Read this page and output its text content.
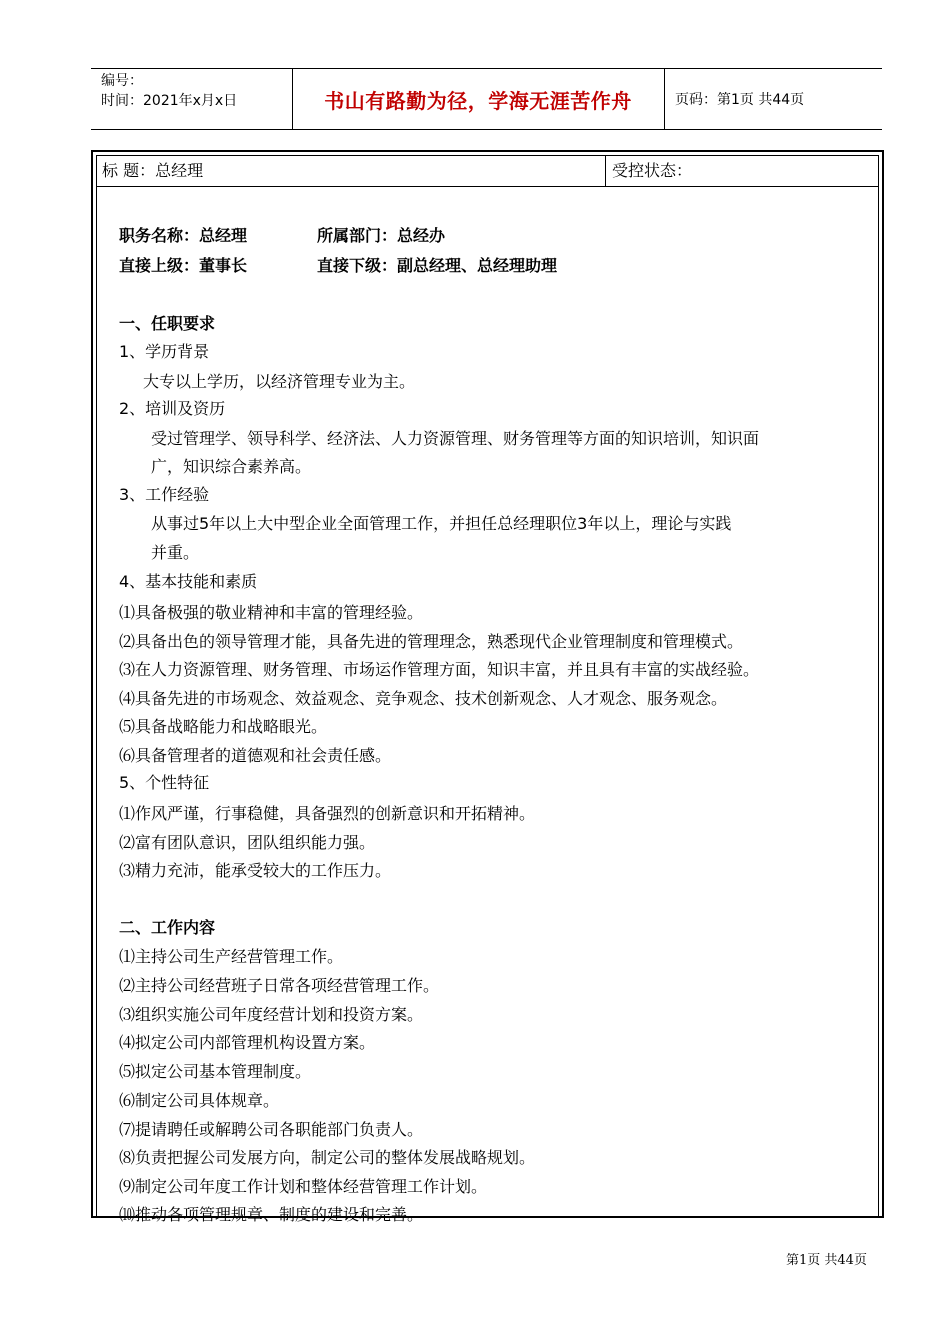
编号：
时间：2021年x月x日	书山有路勤为径，学海无涯苦作舟	页码：第1页 共44页
标 题：总经理	受控状态：
职务名称：总经理	所属部门：总经办
直接上级：董事长	直接下级：副总经理、总经理助理
一、任职要求
1、学历背景
大专以上学历，以经济管理专业为主。
2、培训及资历
受过管理学、领导科学、经济法、人力资源管理、财务管理等方面的知识培训，知识面
广，知识综合素养高。
3、工作经验
从事过5年以上大中型企业全面管理工作，并担任总经理职位3年以上，理论与实践
并重。
4、基本技能和素质
⑴具备极强的敬业精神和丰富的管理经验。
⑵具备出色的领导管理才能，具备先进的管理理念，熟悉现代企业管理制度和管理模式。
⑶在人力资源管理、财务管理、市场运作管理方面，知识丰富，并且具有丰富的实战经验。
⑷具备先进的市场观念、效益观念、竞争观念、技术创新观念、人才观念、服务观念。
⑸具备战略能力和战略眼光。
⑹具备管理者的道德观和社会责任感。
5、个性特征
⑴作风严谨，行事稳健，具备强烈的创新意识和开拓精神。
⑵富有团队意识，团队组织能力强。
⑶精力充沛，能承受较大的工作压力。
二、工作内容
⑴主持公司生产经营管理工作。
⑵主持公司经营班子日常各项经营管理工作。
⑶组织实施公司年度经营计划和投资方案。
⑷拟定公司内部管理机构设置方案。
⑸拟定公司基本管理制度。
⑹制定公司具体规章。
⑺提请聘任或解聘公司各职能部门负责人。
⑻负责把握公司发展方向，制定公司的整体发展战略规划。
⑼制定公司年度工作计划和整体经营管理工作计划。
⑽推动各项管理规章、制度的建设和完善。
第1页 共44页
